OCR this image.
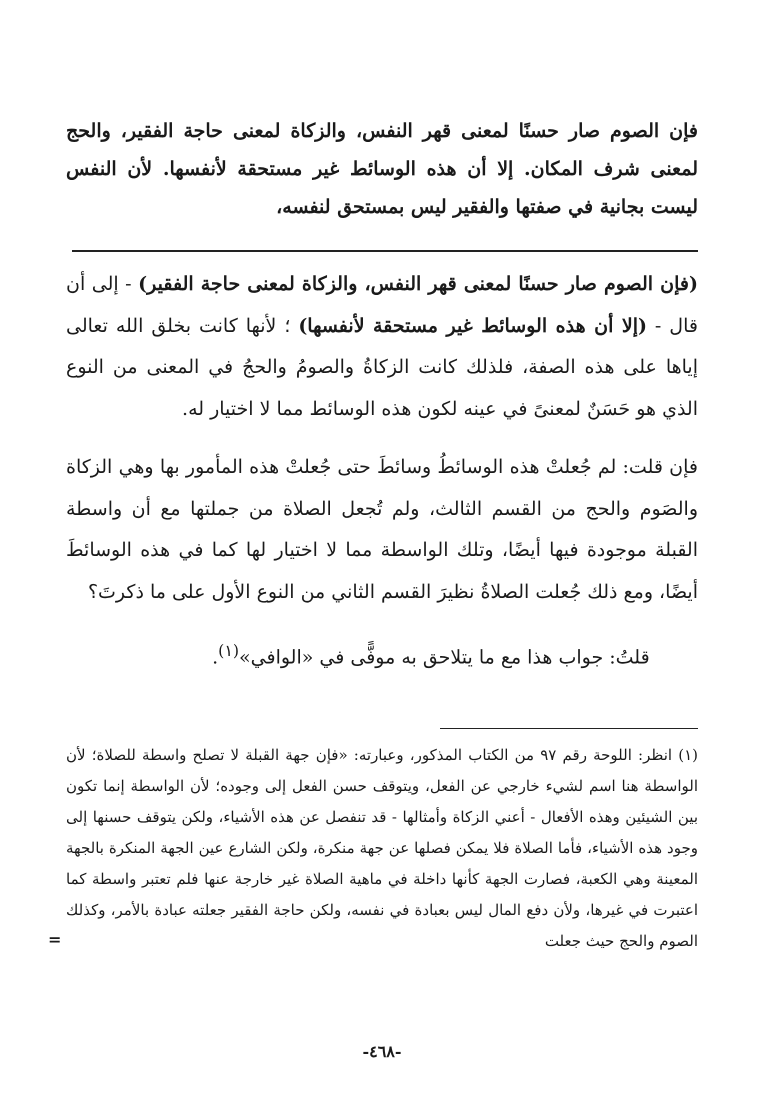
فإن الصوم صار حسنًا لمعنى قهر النفس، والزكاة لمعنى حاجة الفقير، والحج لمعنى شرف المكان. إلا أن هذه الوسائط غير مستحقة لأنفسها. لأن النفس ليست بجانية في صفتها والفقير ليس بمستحق لنفسه،

(فإن الصوم صار حسنًا لمعنى قهر النفس، والزكاة لمعنى حاجة الفقير) - إلى أن قال - (إلا أن هذه الوسائط غير مستحقة لأنفسها) ؛ لأنها كانت بخلق الله تعالى إياها على هذه الصفة، فلذلك كانت الزكاةُ والصومُ والحجُ في المعنى من النوع الذي هو حَسَنٌ لمعنىً في عينه لكون هذه الوسائط مما لا اختيار له.

فإن قلت: لم جُعلتْ هذه الوسائطُ وسائطَ حتى جُعلتْ هذه المأمور بها وهي الزكاة والصَوم والحج من القسم الثالث، ولم تُجعل الصلاة من جملتها مع أن واسطة القبلة موجودة فيها أيضًا، وتلك الواسطة مما لا اختيار لها كما في هذه الوسائطَ أيضًا، ومع ذلك جُعلت الصلاةُ نظيرَ القسم الثاني من النوع الأول على ما ذكرتَ؟

قلتُ: جواب هذا مع ما يتلاحق به موفًّى في «الوافي»$^{(١)}$.

(١) انظر: اللوحة رقم ٩٧ من الكتاب المذكور، وعبارته: «فإن جهة القبلة لا تصلح واسطة للصلاة؛ لأن الواسطة هنا اسم لشيء خارجي عن الفعل، ويتوقف حسن الفعل إلى وجوده؛ لأن الواسطة إنما تكون بين الشيئين وهذه الأفعال - أعني الزكاة وأمثالها - قد تنفصل عن هذه الأشياء، ولكن يتوقف حسنها إلى وجود هذه الأشياء، فأما الصلاة فلا يمكن فصلها عن جهة منكرة، ولكن الشارع عين الجهة المنكرة بالجهة المعينة وهي الكعبة، فصارت الجهة كأنها داخلة في ماهية الصلاة غير خارجة عنها فلم تعتبر واسطة كما اعتبرت في غيرها، ولأن دفع المال ليس بعبادة في نفسه، ولكن حاجة الفقير جعلته عبادة بالأمر، وكذلك الصوم والحج حيث جعلت
=
-٤٦٨-
